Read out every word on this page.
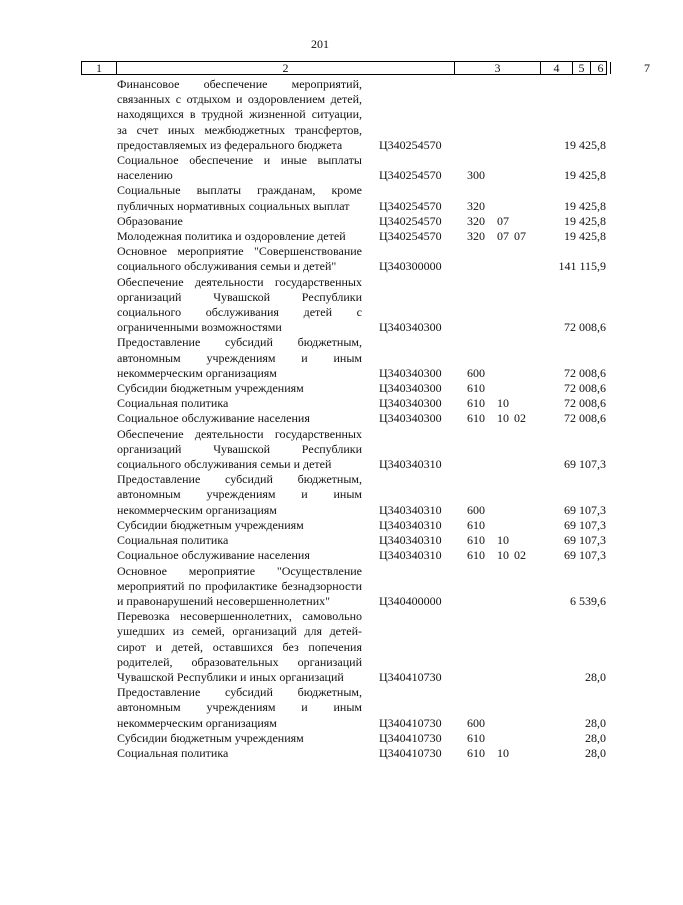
201
1	2	3	4	5	6	7
Финансовое обеспечение мероприятий, связанных с отдыхом и оздоровлением детей, находящихся в трудной жизненной ситуации, за счет иных межбюджетных трансфертов, предоставляемых из федерального бюджета	Ц340254570	19 425,8
Социальное обеспечение и иные выплаты населению	Ц340254570 300	19 425,8
Социальные выплаты гражданам, кроме публичных нормативных социальных выплат	Ц340254570 320	19 425,8
Образование	Ц340254570 320 07	19 425,8
Молодежная политика и оздоровление детей	Ц340254570 320 07 07	19 425,8
Основное мероприятие "Совершенствование социального обслуживания семьи и детей"	Ц340300000	141 115,9
Обеспечение деятельности государственных организаций Чувашской Республики социального обслуживания детей с ограниченными возможностями	Ц340340300	72 008,6
Предоставление субсидий бюджетным, автономным учреждениям и иным некоммерческим организациям	Ц340340300 600	72 008,6
Субсидии бюджетным учреждениям	Ц340340300 610	72 008,6
Социальная политика	Ц340340300 610 10	72 008,6
Социальное обслуживание населения	Ц340340300 610 10 02	72 008,6
Обеспечение деятельности государственных организаций Чувашской Республики социального обслуживания семьи и детей	Ц340340310	69 107,3
Предоставление субсидий бюджетным, автономным учреждениям и иным некоммерческим организациям	Ц340340310 600	69 107,3
Субсидии бюджетным учреждениям	Ц340340310 610	69 107,3
Социальная политика	Ц340340310 610 10	69 107,3
Социальное обслуживание населения	Ц340340310 610 10 02	69 107,3
Основное мероприятие "Осуществление мероприятий по профилактике безнадзорности и правонарушений несовершеннолетних"	Ц340400000	6 539,6
Перевозка несовершеннолетних, самовольно ушедших из семей, организаций для детей-сирот и детей, оставшихся без попечения родителей, образовательных организаций Чувашской Республики и иных организаций	Ц340410730	28,0
Предоставление субсидий бюджетным, автономным учреждениям и иным некоммерческим организациям	Ц340410730 600	28,0
Субсидии бюджетным учреждениям	Ц340410730 610	28,0
Социальная политика	Ц340410730 610 10	28,0
